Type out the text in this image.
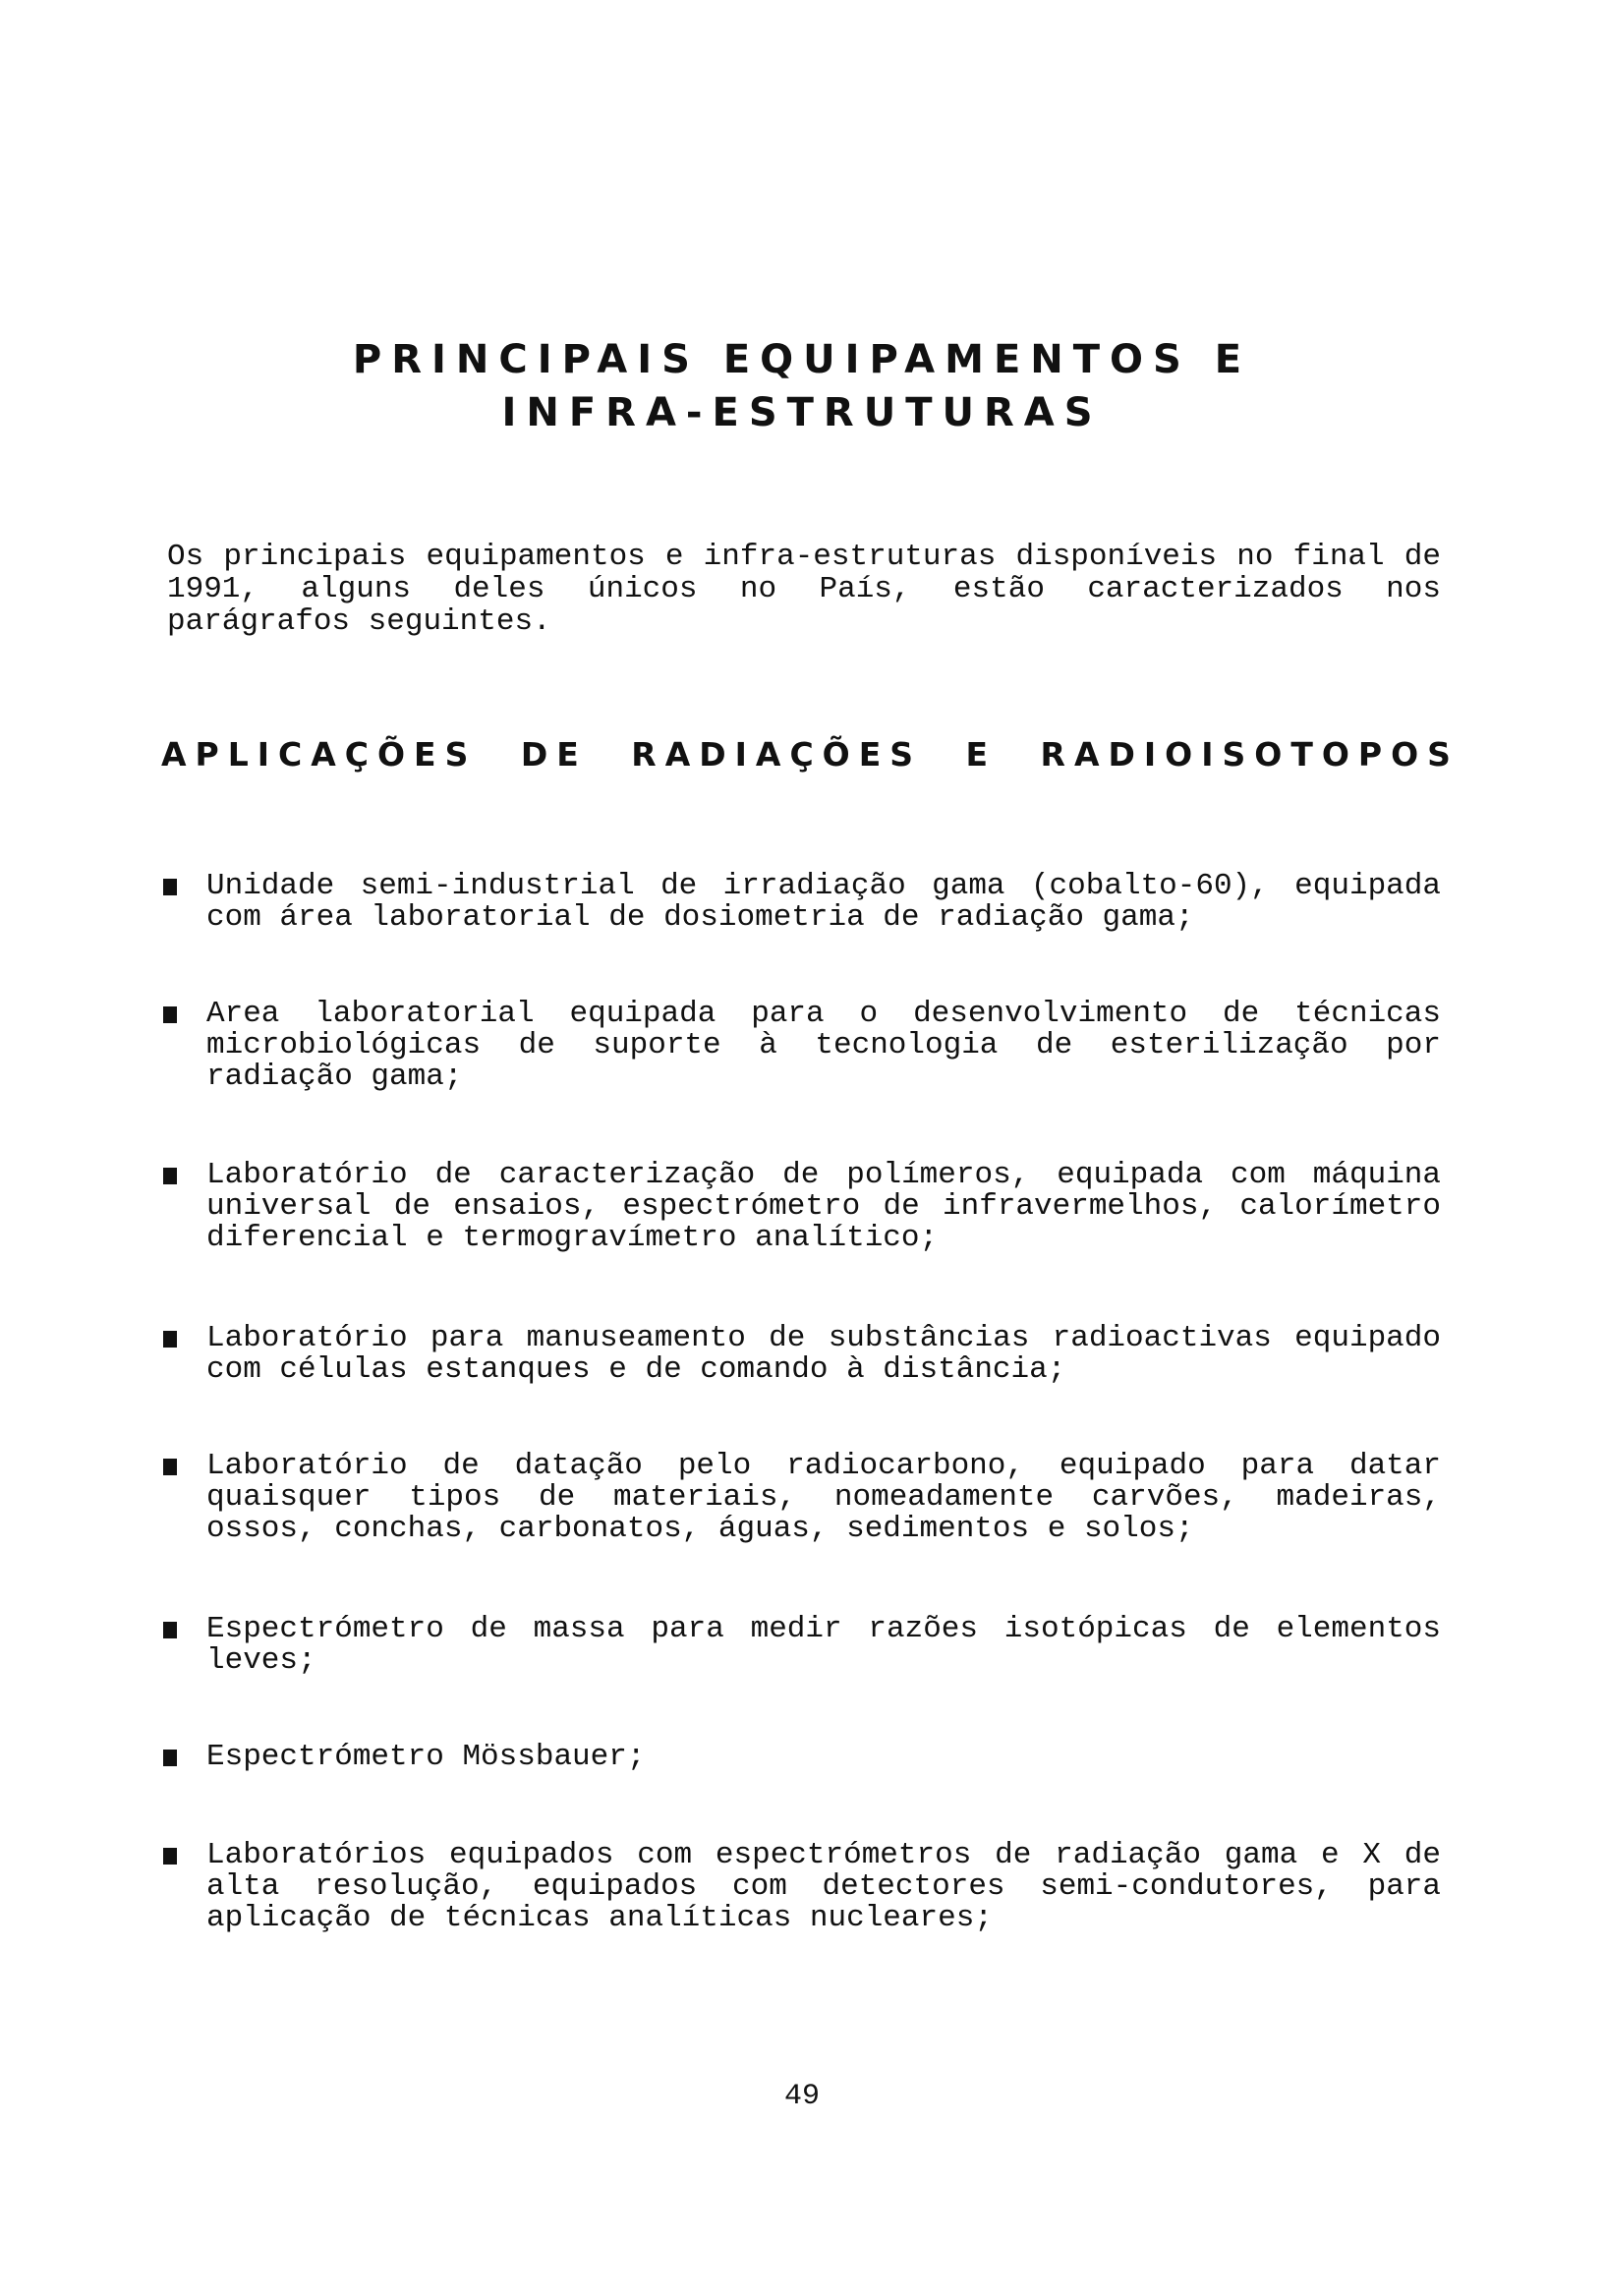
PRINCIPAIS EQUIPAMENTOS E
INFRA-ESTRUTURAS
Os principais equipamentos e infra-estruturas disponíveis no final de 1991, alguns deles únicos no País, estão caracterizados nos parágrafos seguintes.
APLICAÇÕES DE RADIAÇÕES E RADIOISOTOPOS
Unidade semi-industrial de irradiação gama (cobalto-60), equipada com área laboratorial de dosiometria de radiação gama;
Area laboratorial equipada para o desenvolvimento de técnicas microbiológicas de suporte à tecnologia de esterilização por radiação gama;
Laboratório de caracterização de polímeros, equipada com máquina universal de ensaios, espectrómetro de infravermelhos, calorímetro diferencial e termogravímetro analítico;
Laboratório para manuseamento de substâncias radioactivas equipado com células estanques e de comando à distância;
Laboratório de datação pelo radiocarbono, equipado para datar quaisquer tipos de materiais, nomeadamente carvões, madeiras, ossos, conchas, carbonatos, águas, sedimentos e solos;
Espectrómetro de massa para medir razões isotópicas de elementos leves;
Espectrómetro Mössbauer;
Laboratórios equipados com espectrómetros de radiação gama e X de alta resolução, equipados com detectores semi-condutores, para aplicação de técnicas analíticas nucleares;
49
